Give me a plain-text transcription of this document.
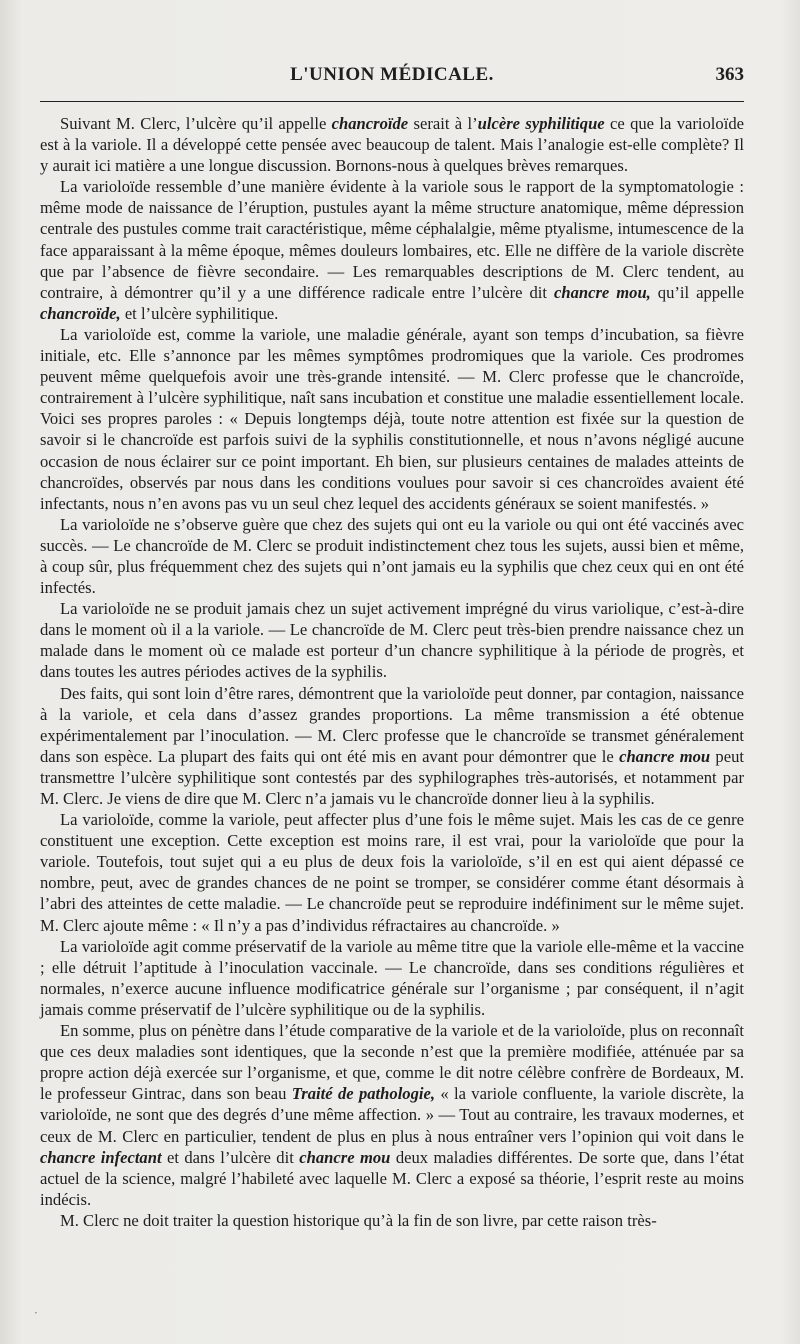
L'UNION MÉDICALE.	363

Suivant M. Clerc, l’ulcère qu’il appelle chancroïde serait à l’ulcère syphilitique ce que la varioloïde est à la variole. Il a développé cette pensée avec beaucoup de talent. Mais l’analogie est-elle complète? Il y aurait ici matière a une longue discussion. Bornons-nous à quelques brèves remarques.

La varioloïde ressemble d’une manière évidente à la variole sous le rapport de la symptomatologie : même mode de naissance de l’éruption, pustules ayant la même structure anatomique, même dépression centrale des pustules comme trait caractéristique, même céphalalgie, même ptyalisme, intumescence de la face apparaissant à la même époque, mêmes douleurs lombaires, etc. Elle ne diffère de la variole discrète que par l’absence de fièvre secondaire. — Les remarquables descriptions de M. Clerc tendent, au contraire, à démontrer qu’il y a une différence radicale entre l’ulcère dit chancre mou, qu’il appelle chancroïde, et l’ulcère syphilitique.

La varioloïde est, comme la variole, une maladie générale, ayant son temps d’incubation, sa fièvre initiale, etc. Elle s’annonce par les mêmes symptômes prodromiques que la variole. Ces prodromes peuvent même quelquefois avoir une très-grande intensité. — M. Clerc professe que le chancroïde, contrairement à l’ulcère syphilitique, naît sans incubation et constitue une maladie essentiellement locale. Voici ses propres paroles : « Depuis longtemps déjà, toute notre attention est fixée sur la question de savoir si le chancroïde est parfois suivi de la syphilis constitutionnelle, et nous n’avons négligé aucune occasion de nous éclairer sur ce point important. Eh bien, sur plusieurs centaines de malades atteints de chancroïdes, observés par nous dans les conditions voulues pour savoir si ces chancroïdes avaient été infectants, nous n’en avons pas vu un seul chez lequel des accidents généraux se soient manifestés. »

La varioloïde ne s’observe guère que chez des sujets qui ont eu la variole ou qui ont été vaccinés avec succès. — Le chancroïde de M. Clerc se produit indistinctement chez tous les sujets, aussi bien et même, à coup sûr, plus fréquemment chez des sujets qui n’ont jamais eu la syphilis que chez ceux qui en ont été infectés.

La varioloïde ne se produit jamais chez un sujet activement imprégné du virus variolique, c’est-à-dire dans le moment où il a la variole. — Le chancroïde de M. Clerc peut très-bien prendre naissance chez un malade dans le moment où ce malade est porteur d’un chancre syphilitique à la période de progrès, et dans toutes les autres périodes actives de la syphilis.

Des faits, qui sont loin d’être rares, démontrent que la varioloïde peut donner, par contagion, naissance à la variole, et cela dans d’assez grandes proportions. La même transmission a été obtenue expérimentalement par l’inoculation. — M. Clerc professe que le chancroïde se transmet généralement dans son espèce. La plupart des faits qui ont été mis en avant pour démontrer que le chancre mou peut transmettre l’ulcère syphilitique sont contestés par des syphilographes très-autorisés, et notamment par M. Clerc. Je viens de dire que M. Clerc n’a jamais vu le chancroïde donner lieu à la syphilis.

La varioloïde, comme la variole, peut affecter plus d’une fois le même sujet. Mais les cas de ce genre constituent une exception. Cette exception est moins rare, il est vrai, pour la varioloïde que pour la variole. Toutefois, tout sujet qui a eu plus de deux fois la varioloïde, s’il en est qui aient dépassé ce nombre, peut, avec de grandes chances de ne point se tromper, se considérer comme étant désormais à l’abri des atteintes de cette maladie. — Le chancroïde peut se reproduire indéfiniment sur le même sujet. M. Clerc ajoute même : « Il n’y a pas d’individus réfractaires au chancroïde. »

La varioloïde agit comme préservatif de la variole au même titre que la variole elle-même et la vaccine ; elle détruit l’aptitude à l’inoculation vaccinale. — Le chancroïde, dans ses conditions régulières et normales, n’exerce aucune influence modificatrice générale sur l’organisme ; par conséquent, il n’agit jamais comme préservatif de l’ulcère syphilitique ou de la syphilis.

En somme, plus on pénètre dans l’étude comparative de la variole et de la varioloïde, plus on reconnaît que ces deux maladies sont identiques, que la seconde n’est que la première modifiée, atténuée par sa propre action déjà exercée sur l’organisme, et que, comme le dit notre célèbre confrère de Bordeaux, M. le professeur Gintrac, dans son beau Traité de pathologie, « la variole confluente, la variole discrète, la varioloïde, ne sont que des degrés d’une même affection. » — Tout au contraire, les travaux modernes, et ceux de M. Clerc en particulier, tendent de plus en plus à nous entraîner vers l’opinion qui voit dans le chancre infectant et dans l’ulcère dit chancre mou deux maladies différentes. De sorte que, dans l’état actuel de la science, malgré l’habileté avec laquelle M. Clerc a exposé sa théorie, l’esprit reste au moins indécis.

M. Clerc ne doit traiter la question historique qu’à la fin de son livre, par cette raison très-

·
